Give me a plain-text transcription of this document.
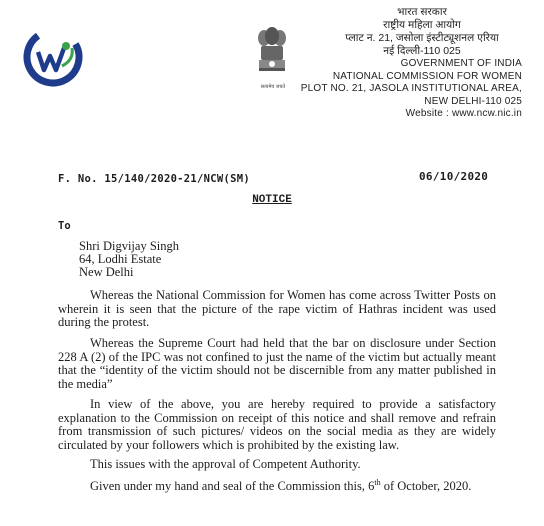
सत्यमेव जयते
भारत सरकार
राष्ट्रीय महिला आयोग
प्लाट न. 21, जसोला इंस्टीट्यूशनल एरिया
नई दिल्ली-110 025
GOVERNMENT OF INDIA
NATIONAL COMMISSION FOR WOMEN
PLOT NO. 21, JASOLA INSTITUTIONAL AREA,
NEW DELHI-110 025
Website : www.ncw.nic.in
F. No. 15/140/2020-21/NCW(SM)	06/10/2020
NOTICE
To
Shri Digvijay Singh
64, Lodhi Estate
New Delhi
Whereas the National Commission for Women has come across Twitter Posts on wherein it is seen that the picture of the rape victim of Hathras incident was used during the protest.
Whereas the Supreme Court had held that the bar on disclosure under Section 228 A (2) of the IPC was not confined to just the name of the victim but actually meant that the “identity of the victim should not be discernible from any matter published in the media”
In view of the above, you are hereby required to provide a satisfactory explanation to the Commission on receipt of this notice and shall remove and refrain from transmission of such pictures/ videos on the social media as they are widely circulated by your followers which is prohibited by the existing law.
This issues with the approval of Competent Authority.
Given under my hand and seal of the Commission this, 6th of October, 2020.
